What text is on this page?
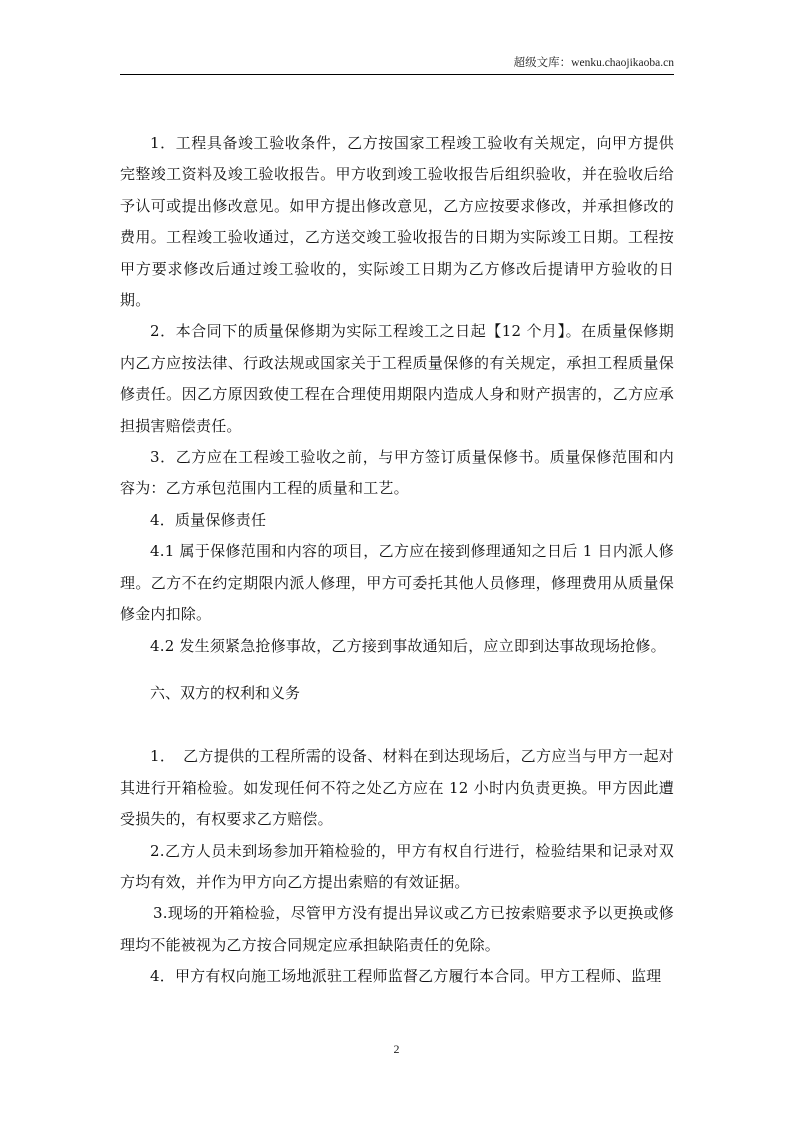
超级文库：wenku.chaojikaoba.cn

1．工程具备竣工验收条件，乙方按国家工程竣工验收有关规定，向甲方提供完整竣工资料及竣工验收报告。甲方收到竣工验收报告后组织验收，并在验收后给予认可或提出修改意见。如甲方提出修改意见，乙方应按要求修改，并承担修改的费用。工程竣工验收通过，乙方送交竣工验收报告的日期为实际竣工日期。工程按甲方要求修改后通过竣工验收的，实际竣工日期为乙方修改后提请甲方验收的日期。

2．本合同下的质量保修期为实际工程竣工之日起【12 个月】。在质量保修期内乙方应按法律、行政法规或国家关于工程质量保修的有关规定，承担工程质量保修责任。因乙方原因致使工程在合理使用期限内造成人身和财产损害的，乙方应承担损害赔偿责任。

3．乙方应在工程竣工验收之前，与甲方签订质量保修书。质量保修范围和内容为：乙方承包范围内工程的质量和工艺。

4．质量保修责任

4.1 属于保修范围和内容的项目，乙方应在接到修理通知之日后 1 日内派人修理。乙方不在约定期限内派人修理，甲方可委托其他人员修理，修理费用从质量保修金内扣除。

4.2 发生须紧急抢修事故，乙方接到事故通知后，应立即到达事故现场抢修。

六、双方的权利和义务

1．　乙方提供的工程所需的设备、材料在到达现场后，乙方应当与甲方一起对其进行开箱检验。如发现任何不符之处乙方应在 12 小时内负责更换。甲方因此遭受损失的，有权要求乙方赔偿。

2.乙方人员未到场参加开箱检验的，甲方有权自行进行，检验结果和记录对双方均有效，并作为甲方向乙方提出索赔的有效证据。

3.现场的开箱检验，尽管甲方没有提出异议或乙方已按索赔要求予以更换或修理均不能被视为乙方按合同规定应承担缺陷责任的免除。

4．甲方有权向施工场地派驻工程师监督乙方履行本合同。甲方工程师、监理

2
